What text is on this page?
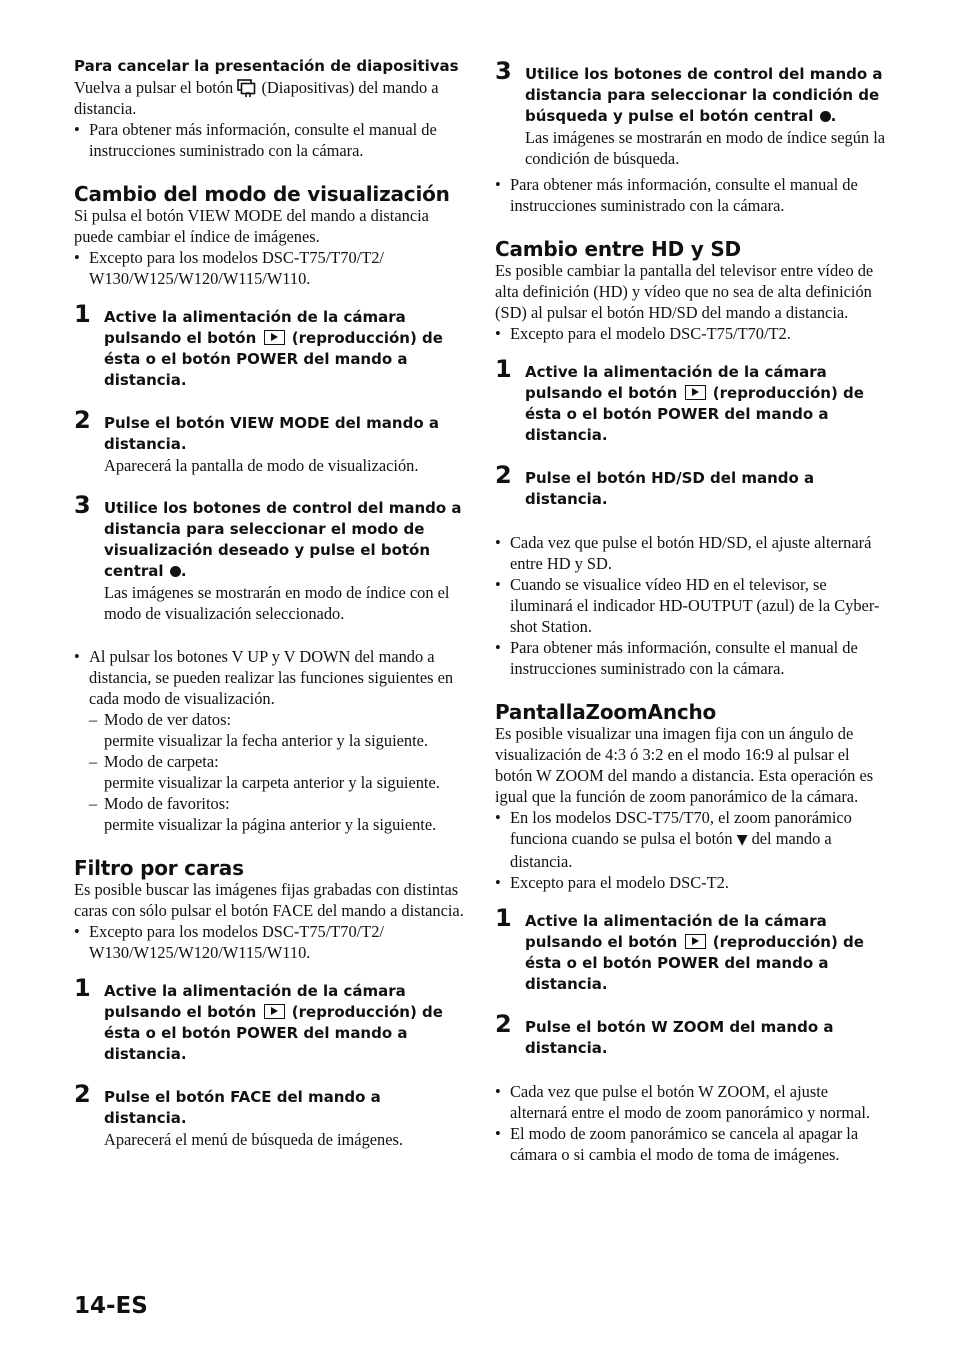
Para cancelar la presentación de diapositivas

Vuelva a pulsar el botón (Diapositivas) del mando a distancia.

• Para obtener más información, consulte el manual de instrucciones suministrado con la cámara.
Cambio del modo de visualización

Si pulsa el botón VIEW MODE del mando a distancia puede cambiar el índice de imágenes.

• Excepto para los modelos DSC-T75/T70/T2/ W130/W125/W120/W115/W110.
1 Active la alimentación de la cámara pulsando el botón (reproducción) de ésta o el botón POWER del mando a distancia.
2 Pulse el botón VIEW MODE del mando a distancia.

Aparecerá la pantalla de modo de visualización.

3 Utilice los botones de control del mando a distancia para seleccionar el modo de visualización deseado y pulse el botón central .

Las imágenes se mostrarán en modo de índice con el modo de visualización seleccionado.

• Al pulsar los botones V UP y V DOWN del mando a distancia, se pueden realizar las funciones siguientes en cada modo de visualización.
– Modo de ver datos:
permite visualizar la fecha anterior y la siguiente.
– Modo de carpeta:
permite visualizar la carpeta anterior y la siguiente.
– Modo de favoritos:
permite visualizar la página anterior y la siguiente.
Filtro por caras

Es posible buscar las imágenes fijas grabadas con distintas caras con sólo pulsar el botón FACE del mando a distancia.

• Excepto para los modelos DSC-T75/T70/T2/ W130/W125/W120/W115/W110.
1 Active la alimentación de la cámara pulsando el botón (reproducción) de ésta o el botón POWER del mando a distancia.
2 Pulse el botón FACE del mando a distancia.

Aparecerá el menú de búsqueda de imágenes.

3 Utilice los botones de control del mando a distancia para seleccionar la condición de búsqueda y pulse el botón central .

Las imágenes se mostrarán en modo de índice según la condición de búsqueda.

• Para obtener más información, consulte el manual de instrucciones suministrado con la cámara.
Cambio entre HD y SD

Es posible cambiar la pantalla del televisor entre vídeo de alta definición (HD) y vídeo que no sea de alta definición (SD) al pulsar el botón HD/SD del mando a distancia.

• Excepto para el modelo DSC-T75/T70/T2.
1 Active la alimentación de la cámara pulsando el botón (reproducción) de ésta o el botón POWER del mando a distancia.
2 Pulse el botón HD/SD del mando a distancia.
• Cada vez que pulse el botón HD/SD, el ajuste alternará entre HD y SD.
• Cuando se visualice vídeo HD en el televisor, se iluminará el indicador HD-OUTPUT (azul) de la Cyber-shot Station.
• Para obtener más información, consulte el manual de instrucciones suministrado con la cámara.
PantallaZoomAncho

Es posible visualizar una imagen fija con un ángulo de visualización de 4:3 ó 3:2 en el modo 16:9 al pulsar el botón W ZOOM del mando a distancia. Esta operación es igual que la función de zoom panorámico de la cámara.

• En los modelos DSC-T75/T70, el zoom panorámico funciona cuando se pulsa el botón ▼ del mando a distancia.
• Excepto para el modelo DSC-T2.
1 Active la alimentación de la cámara pulsando el botón (reproducción) de ésta o el botón POWER del mando a distancia.
2 Pulse el botón W ZOOM del mando a distancia.
• Cada vez que pulse el botón W ZOOM, el ajuste alternará entre el modo de zoom panorámico y normal.
• El modo de zoom panorámico se cancela al apagar la cámara o si cambia el modo de toma de imágenes.
14-ES
